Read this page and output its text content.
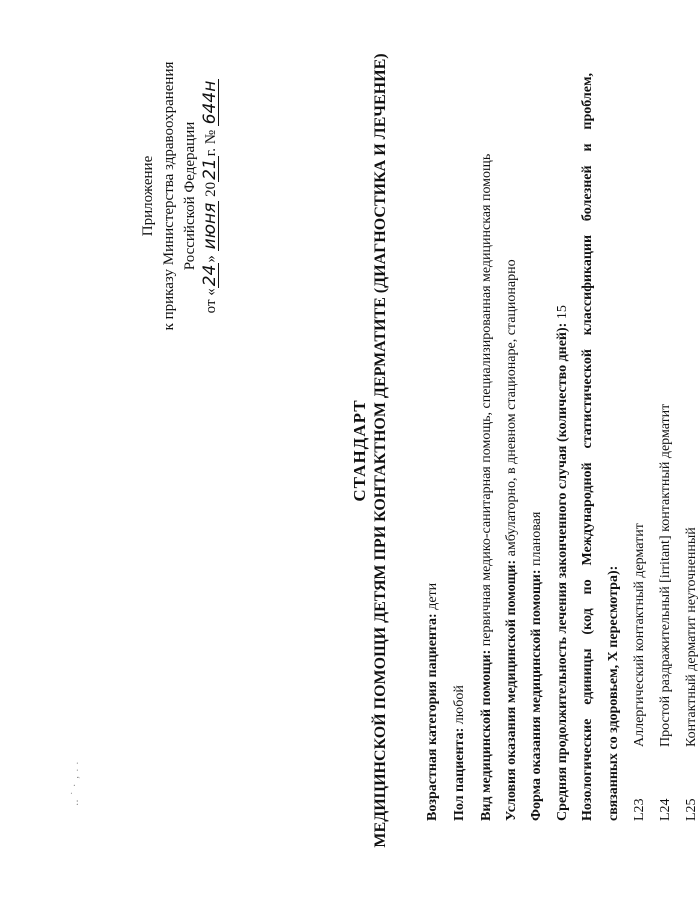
‥ ˙ · ‚ . .
Приложение к приказу Министерства здравоохранения Российской Федерации
от «24» июня 2021г. № 644н
СТАНДАРТ МЕДИЦИНСКОЙ ПОМОЩИ ДЕТЯМ ПРИ КОНТАКТНОМ ДЕРМАТИТЕ (ДИАГНОСТИКА И ЛЕЧЕНИЕ)	Возрастная категория пациента: дети
Пол пациента: любой Вид медицинской помощи: первичная медико-санитарная помощь, специализированная медицинская помощь
Условия оказания медицинской помощи: амбулаторно, в дневном стационаре, стационарно
Форма оказания медицинской помощи: плановая Средняя продолжительность лечения законченного случая (количество дней): 15 Нозологические единицы (код по Международной статистической классификации болезней и проблем, связанных со здоровьем, Х пересмотра): L23
Аллергический контактный дерматит
L24
Простой раздражительный [irritant] контактный дерматит
L25
Контактный дерматит неуточненный
